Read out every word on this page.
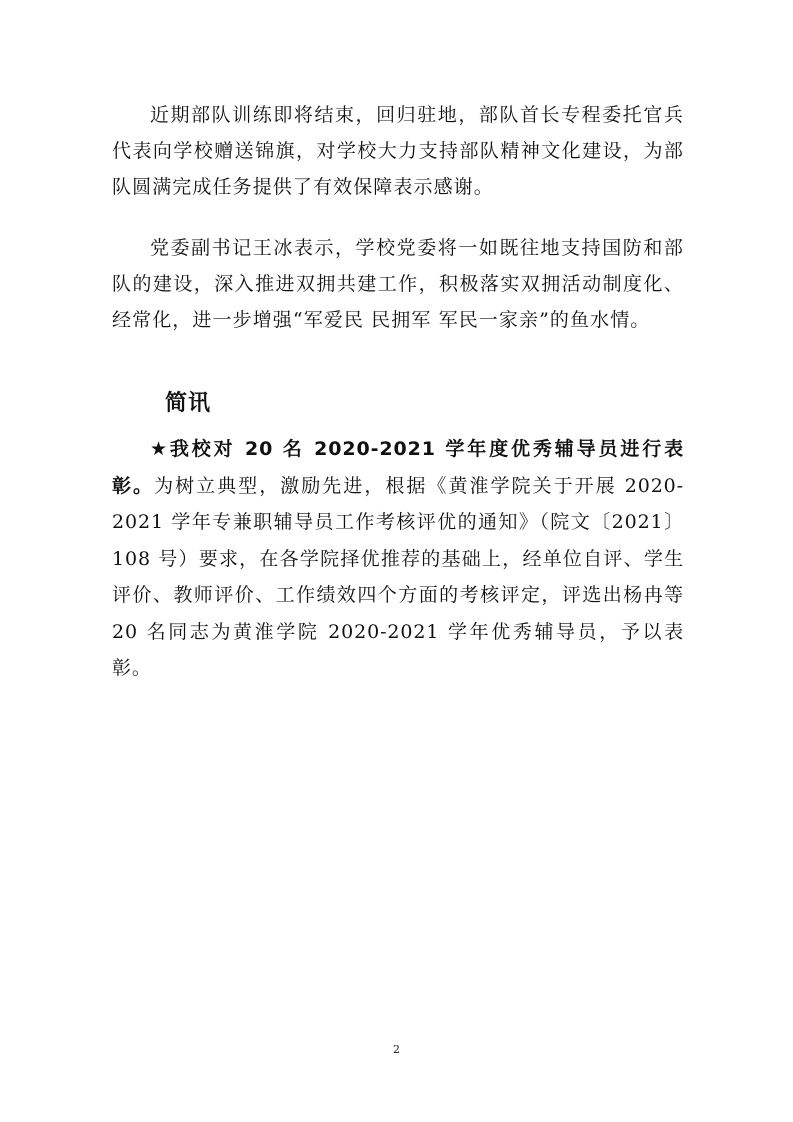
近期部队训练即将结束，回归驻地，部队首长专程委托官兵代表向学校赠送锦旗，对学校大力支持部队精神文化建设，为部队圆满完成任务提供了有效保障表示感谢。

党委副书记王冰表示，学校党委将一如既往地支持国防和部队的建设，深入推进双拥共建工作，积极落实双拥活动制度化、经常化，进一步增强“军爱民 民拥军 军民一家亲”的鱼水情。

简讯

★我校对 20 名 2020-2021 学年度优秀辅导员进行表彰。为树立典型，激励先进，根据《黄淮学院关于开展 2020-2021 学年专兼职辅导员工作考核评优的通知》（院文〔2021〕108 号）要求，在各学院择优推荐的基础上，经单位自评、学生评价、教师评价、工作绩效四个方面的考核评定，评选出杨冉等 20 名同志为黄淮学院 2020-2021 学年优秀辅导员，予以表彰。

2
